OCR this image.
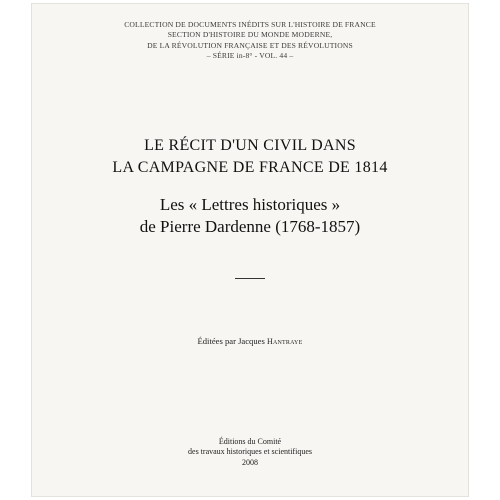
COLLECTION DE DOCUMENTS INÉDITS SUR L'HISTOIRE DE FRANCE
SECTION D'HISTOIRE DU MONDE MODERNE,
DE LA RÉVOLUTION FRANÇAISE ET DES RÉVOLUTIONS
– SÉRIE in-8° - VOL. 44 –
LE RÉCIT D'UN CIVIL DANS
LA CAMPAGNE DE FRANCE DE 1814
Les « Lettres historiques »
de Pierre Dardenne (1768-1857)
Éditées par Jacques Hantraye
Éditions du Comité
des travaux historiques et scientifiques
2008
